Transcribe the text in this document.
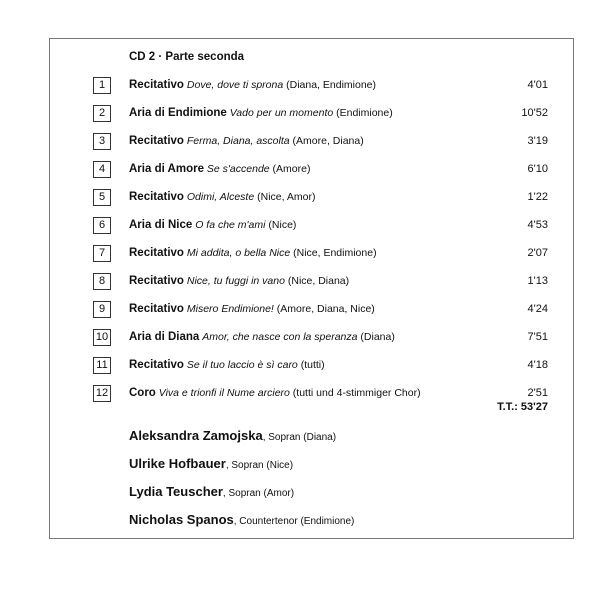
CD 2 · Parte seconda
1	Recitativo Dove, dove ti sprona (Diana, Endimione)	4'01
2	Aria di Endimione Vado per un momento (Endimione)	10'52
3	Recitativo Ferma, Diana, ascolta (Amore, Diana)	3'19
4	Aria di Amore Se s'accende (Amore)	6'10
5	Recitativo Odimi, Alceste (Nice, Amor)	1'22
6	Aria di Nice O fa che m'ami (Nice)	4'53
7	Recitativo Mi addita, o bella Nice (Nice, Endimione)	2'07
8	Recitativo Nice, tu fuggi in vano (Nice, Diana)	1'13
9	Recitativo Misero Endimione! (Amore, Diana, Nice)	4'24
10 Aria di Diana Amor, che nasce con la speranza (Diana)	7'51
11 Recitativo Se il tuo laccio è sì caro (tutti)	4'18
12 Coro Viva e trionfi il Nume arciero (tutti und 4-stimmiger Chor)	2'51
T.T.: 53'27
Aleksandra Zamojska, Sopran (Diana)
Ulrike Hofbauer, Sopran (Nice)
Lydia Teuscher, Sopran (Amor)
Nicholas Spanos, Countertenor (Endimione)
